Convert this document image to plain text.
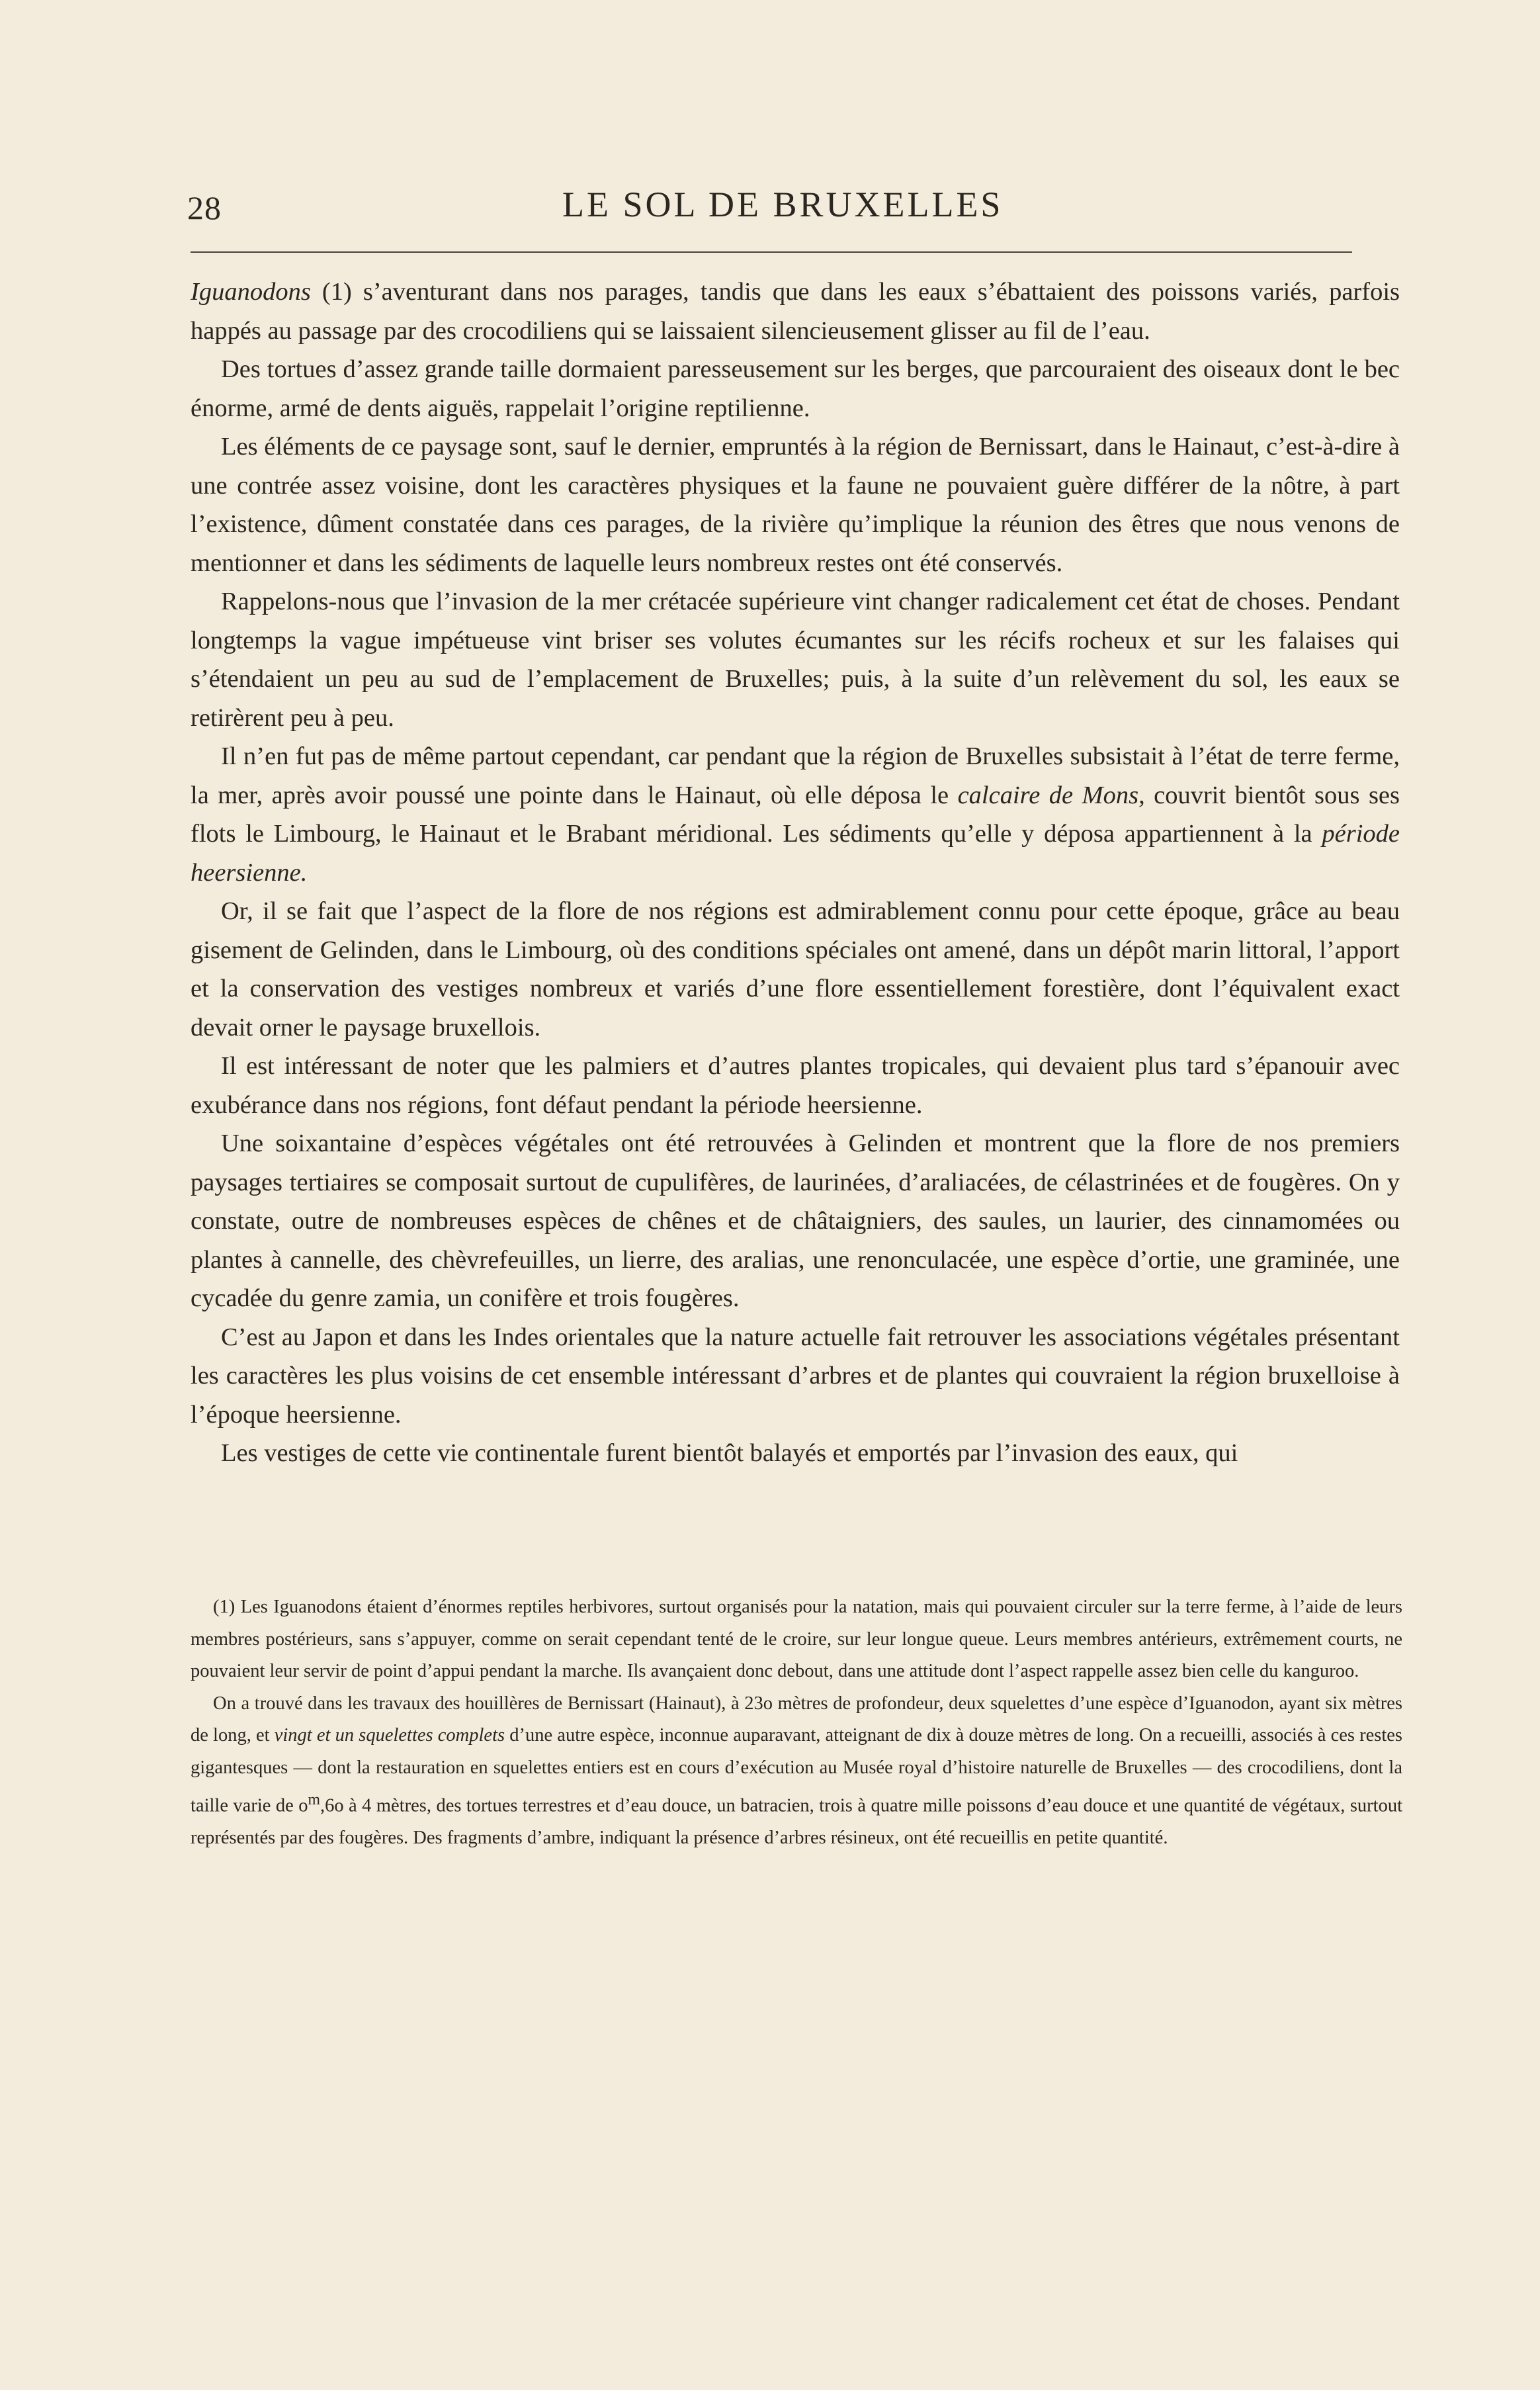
28	LE SOL DE BRUXELLES

Iguanodons (1) s’aventurant dans nos parages, tandis que dans les eaux s’ébattaient des poissons variés, parfois happés au passage par des crocodiliens qui se laissaient silencieusement glisser au fil de l’eau.

Des tortues d’assez grande taille dormaient paresseusement sur les berges, que parcouraient des oiseaux dont le bec énorme, armé de dents aiguës, rappelait l’origine reptilienne.

Les éléments de ce paysage sont, sauf le dernier, empruntés à la région de Bernissart, dans le Hainaut, c’est-à-dire à une contrée assez voisine, dont les caractères physiques et la faune ne pouvaient guère différer de la nôtre, à part l’existence, dûment constatée dans ces parages, de la rivière qu’implique la réunion des êtres que nous venons de mentionner et dans les sédiments de laquelle leurs nombreux restes ont été conservés.

Rappelons-nous que l’invasion de la mer crétacée supérieure vint changer radicalement cet état de choses. Pendant longtemps la vague impétueuse vint briser ses volutes écumantes sur les récifs rocheux et sur les falaises qui s’étendaient un peu au sud de l’emplacement de Bruxelles; puis, à la suite d’un relèvement du sol, les eaux se retirèrent peu à peu.

Il n’en fut pas de même partout cependant, car pendant que la région de Bruxelles subsistait à l’état de terre ferme, la mer, après avoir poussé une pointe dans le Hainaut, où elle déposa le calcaire de Mons, couvrit bientôt sous ses flots le Limbourg, le Hainaut et le Brabant méridional. Les sédiments qu’elle y déposa appartiennent à la période heersienne.

Or, il se fait que l’aspect de la flore de nos régions est admirablement connu pour cette époque, grâce au beau gisement de Gelinden, dans le Limbourg, où des conditions spéciales ont amené, dans un dépôt marin littoral, l’apport et la conservation des vestiges nombreux et variés d’une flore essentiellement forestière, dont l’équivalent exact devait orner le paysage bruxellois.

Il est intéressant de noter que les palmiers et d’autres plantes tropicales, qui devaient plus tard s’épanouir avec exubérance dans nos régions, font défaut pendant la période heersienne.

Une soixantaine d’espèces végétales ont été retrouvées à Gelinden et montrent que la flore de nos premiers paysages tertiaires se composait surtout de cupulifères, de laurinées, d’araliacées, de célastrinées et de fougères. On y constate, outre de nombreuses espèces de chênes et de châtaigniers, des saules, un laurier, des cinnamomées ou plantes à cannelle, des chèvrefeuilles, un lierre, des aralias, une renonculacée, une espèce d’ortie, une graminée, une cycadée du genre zamia, un conifère et trois fougères.

C’est au Japon et dans les Indes orientales que la nature actuelle fait retrouver les associations végétales présentant les caractères les plus voisins de cet ensemble intéressant d’arbres et de plantes qui couvraient la région bruxelloise à l’époque heersienne.

Les vestiges de cette vie continentale furent bientôt balayés et emportés par l’invasion des eaux, qui

(1) Les Iguanodons étaient d’énormes reptiles herbivores, surtout organisés pour la natation, mais qui pouvaient circuler sur la terre ferme, à l’aide de leurs membres postérieurs, sans s’appuyer, comme on serait cependant tenté de le croire, sur leur longue queue. Leurs membres antérieurs, extrêmement courts, ne pouvaient leur servir de point d’appui pendant la marche. Ils avançaient donc debout, dans une attitude dont l’aspect rappelle assez bien celle du kanguroo.

On a trouvé dans les travaux des houillères de Bernissart (Hainaut), à 23o mètres de profondeur, deux squelettes d’une espèce d’Iguanodon, ayant six mètres de long, et vingt et un squelettes complets d’une autre espèce, inconnue auparavant, atteignant de dix à douze mètres de long. On a recueilli, associés à ces restes gigantesques — dont la restauration en squelettes entiers est en cours d’exécution au Musée royal d’histoire naturelle de Bruxelles — des crocodiliens, dont la taille varie de $o^m,6o$ à 4 mètres, des tortues terrestres et d’eau douce, un batracien, trois à quatre mille poissons d’eau douce et une quantité de végétaux, surtout représentés par des fougères. Des fragments d’ambre, indiquant la présence d’arbres résineux, ont été recueillis en petite quantité.
